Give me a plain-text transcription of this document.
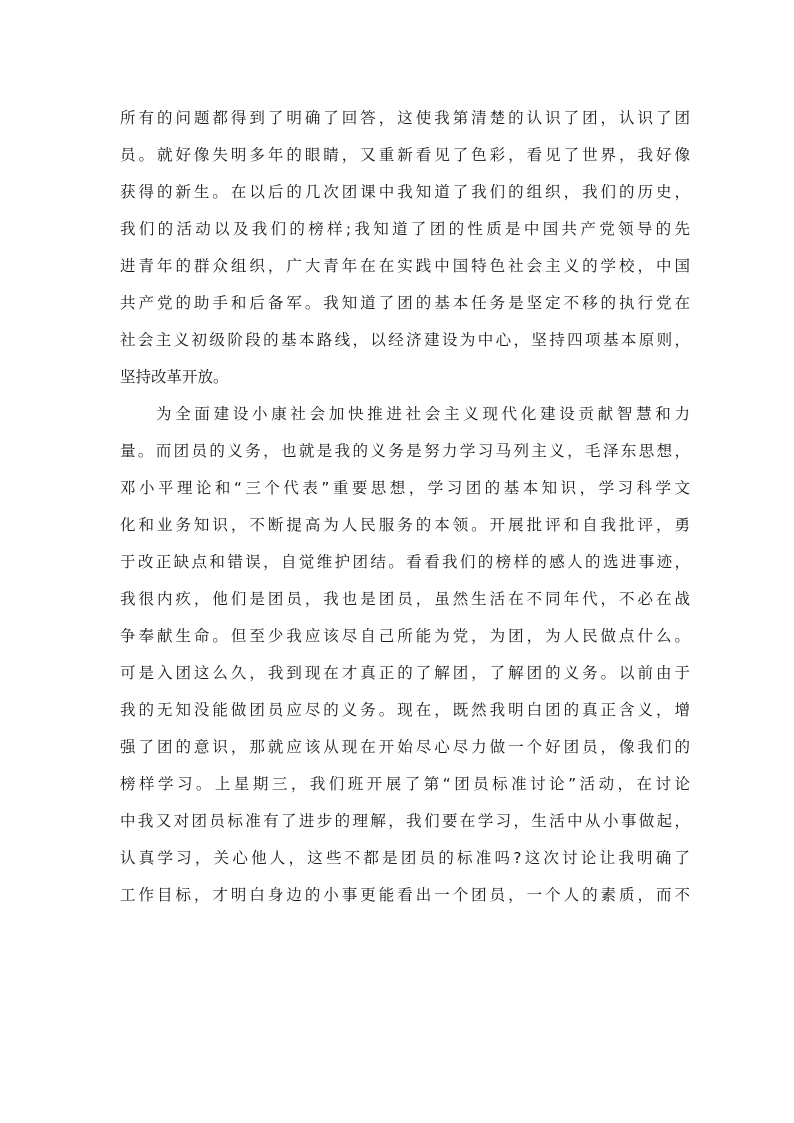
所有的问题都得到了明确了回答，这使我第清楚的认识了团，认识了团
员。就好像失明多年的眼睛，又重新看见了色彩，看见了世界，我好像
获得的新生。在以后的几次团课中我知道了我们的组织，我们的历史，
我们的活动以及我们的榜样;我知道了团的性质是中国共产党领导的先
进青年的群众组织，广大青年在在实践中国特色社会主义的学校，中国
共产党的助手和后备军。我知道了团的基本任务是坚定不移的执行党在
社会主义初级阶段的基本路线，以经济建设为中心，坚持四项基本原则，
坚持改革开放。
为全面建设小康社会加快推进社会主义现代化建设贡献智慧和力
量。而团员的义务，也就是我的义务是努力学习马列主义，毛泽东思想，
邓小平理论和“三个代表”重要思想，学习团的基本知识，学习科学文
化和业务知识，不断提高为人民服务的本领。开展批评和自我批评，勇
于改正缺点和错误，自觉维护团结。看看我们的榜样的感人的选进事迹，
我很内疚，他们是团员，我也是团员，虽然生活在不同年代，不必在战
争奉献生命。但至少我应该尽自己所能为党，为团，为人民做点什么。
可是入团这么久，我到现在才真正的了解团，了解团的义务。以前由于
我的无知没能做团员应尽的义务。现在，既然我明白团的真正含义，增
强了团的意识，那就应该从现在开始尽心尽力做一个好团员，像我们的
榜样学习。上星期三，我们班开展了第“团员标准讨论”活动，在讨论
中我又对团员标准有了进步的理解，我们要在学习，生活中从小事做起，
认真学习，关心他人，这些不都是团员的标准吗?这次讨论让我明确了
工作目标，才明白身边的小事更能看出一个团员，一个人的素质，而不
